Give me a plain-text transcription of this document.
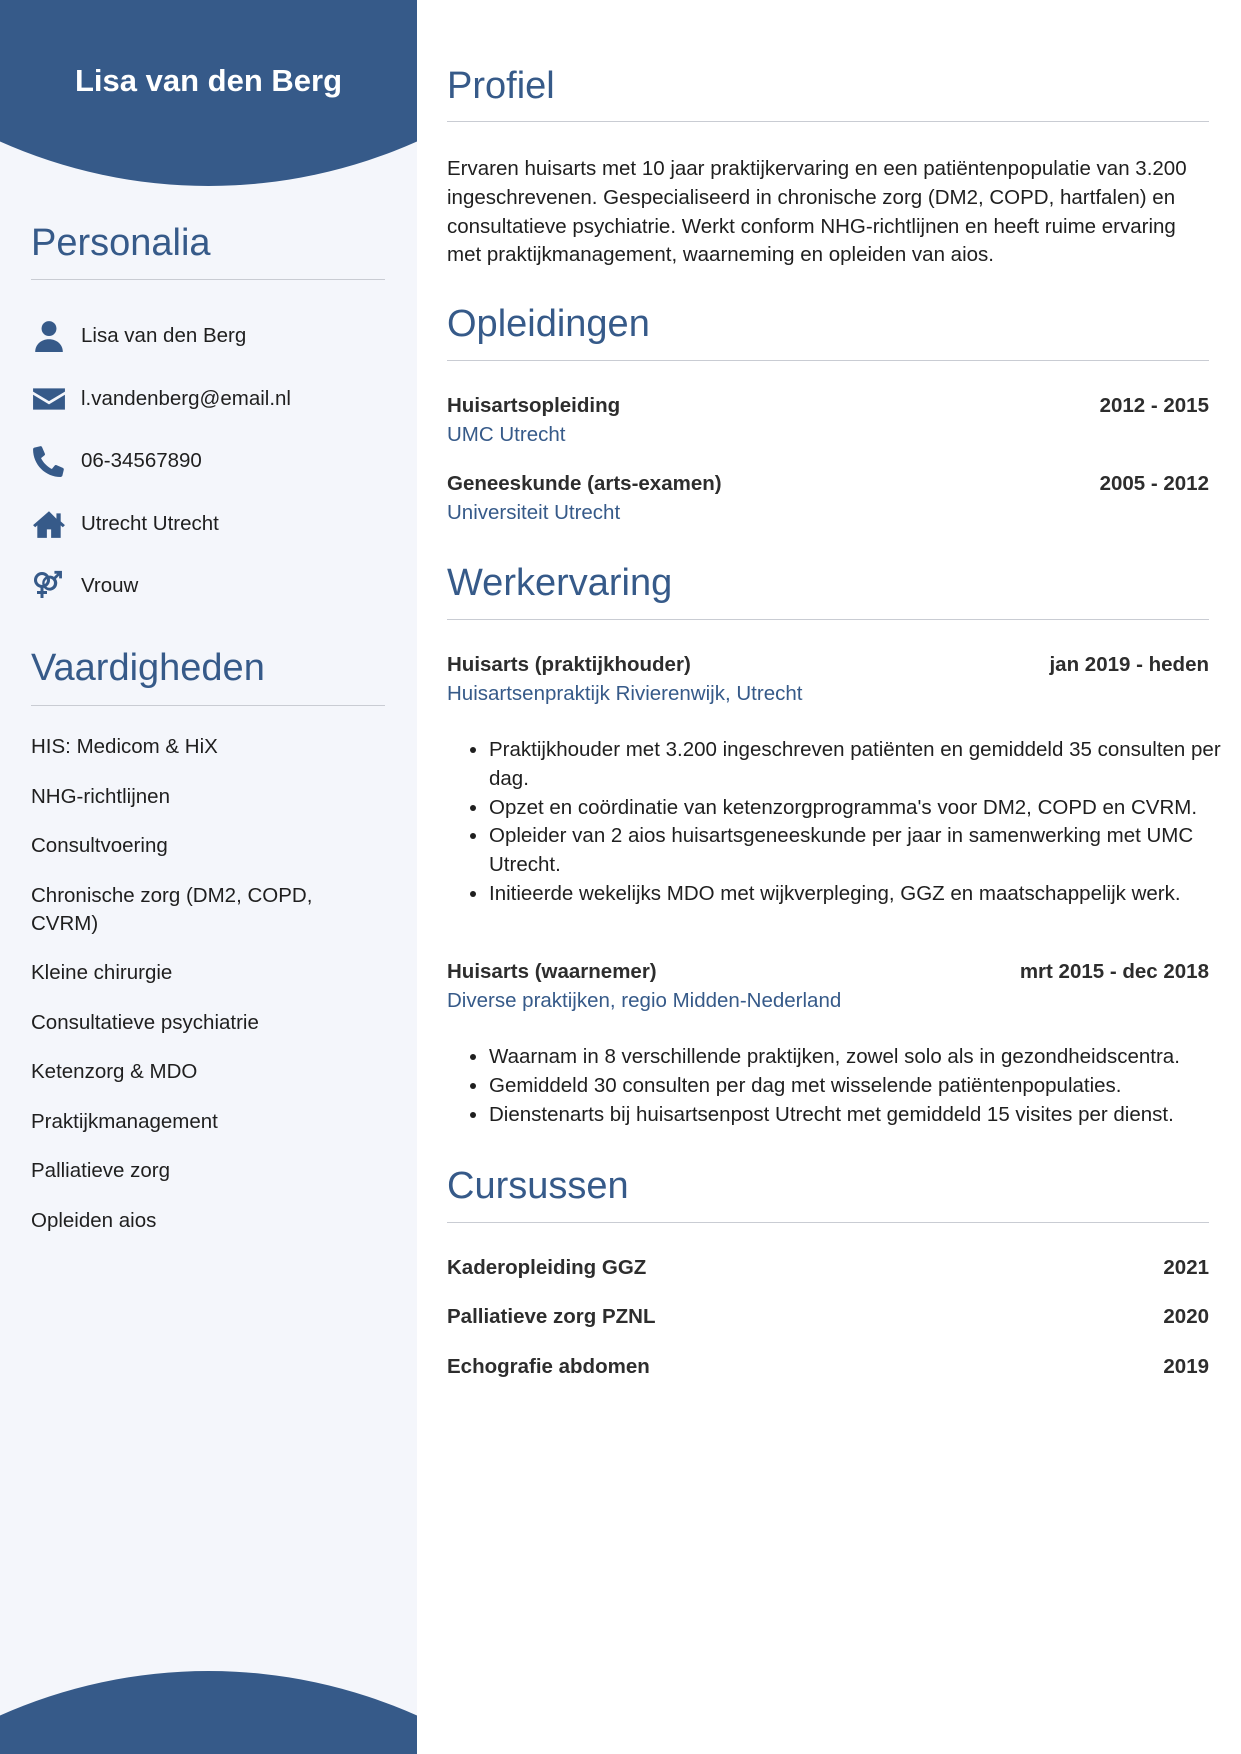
Lisa van den Berg
Personalia
Lisa van den Berg
l.vandenberg@email.nl
06-34567890
Utrecht Utrecht
Vrouw
Vaardigheden
HIS: Medicom & HiX
NHG-richtlijnen
Consultvoering
Chronische zorg (DM2, COPD, CVRM)
Kleine chirurgie
Consultatieve psychiatrie
Ketenzorg & MDO
Praktijkmanagement
Palliatieve zorg
Opleiden aios
Profiel

Ervaren huisarts met 10 jaar praktijkervaring en een patiëntenpopulatie van 3.200 ingeschrevenen. Gespecialiseerd in chronische zorg (DM2, COPD, hartfalen) en consultatieve psychiatrie. Werkt conform NHG-richtlijnen en heeft ruime ervaring met praktijkmanagement, waarneming en opleiden van aios.

Opleidingen
Huisartsopleiding	2012 - 2015
UMC Utrecht
Geneeskunde (arts-examen)	2005 - 2012
Universiteit Utrecht
Werkervaring
Huisarts (praktijkhouder)	jan 2019 - heden
Huisartsenpraktijk Rivierenwijk, Utrecht
• Praktijkhouder met 3.200 ingeschreven patiënten en gemiddeld 35 consulten per dag.
• Opzet en coördinatie van ketenzorgprogramma's voor DM2, COPD en CVRM.
• Opleider van 2 aios huisartsgeneeskunde per jaar in samenwerking met UMC Utrecht.
• Initieerde wekelijks MDO met wijkverpleging, GGZ en maatschappelijk werk.
Huisarts (waarnemer)	mrt 2015 - dec 2018
Diverse praktijken, regio Midden-Nederland
• Waarnam in 8 verschillende praktijken, zowel solo als in gezondheidscentra.
• Gemiddeld 30 consulten per dag met wisselende patiëntenpopulaties.
• Dienstenarts bij huisartsenpost Utrecht met gemiddeld 15 visites per dienst.
Cursussen
Kaderopleiding GGZ	2021
Palliatieve zorg PZNL	2020
Echografie abdomen	2019
